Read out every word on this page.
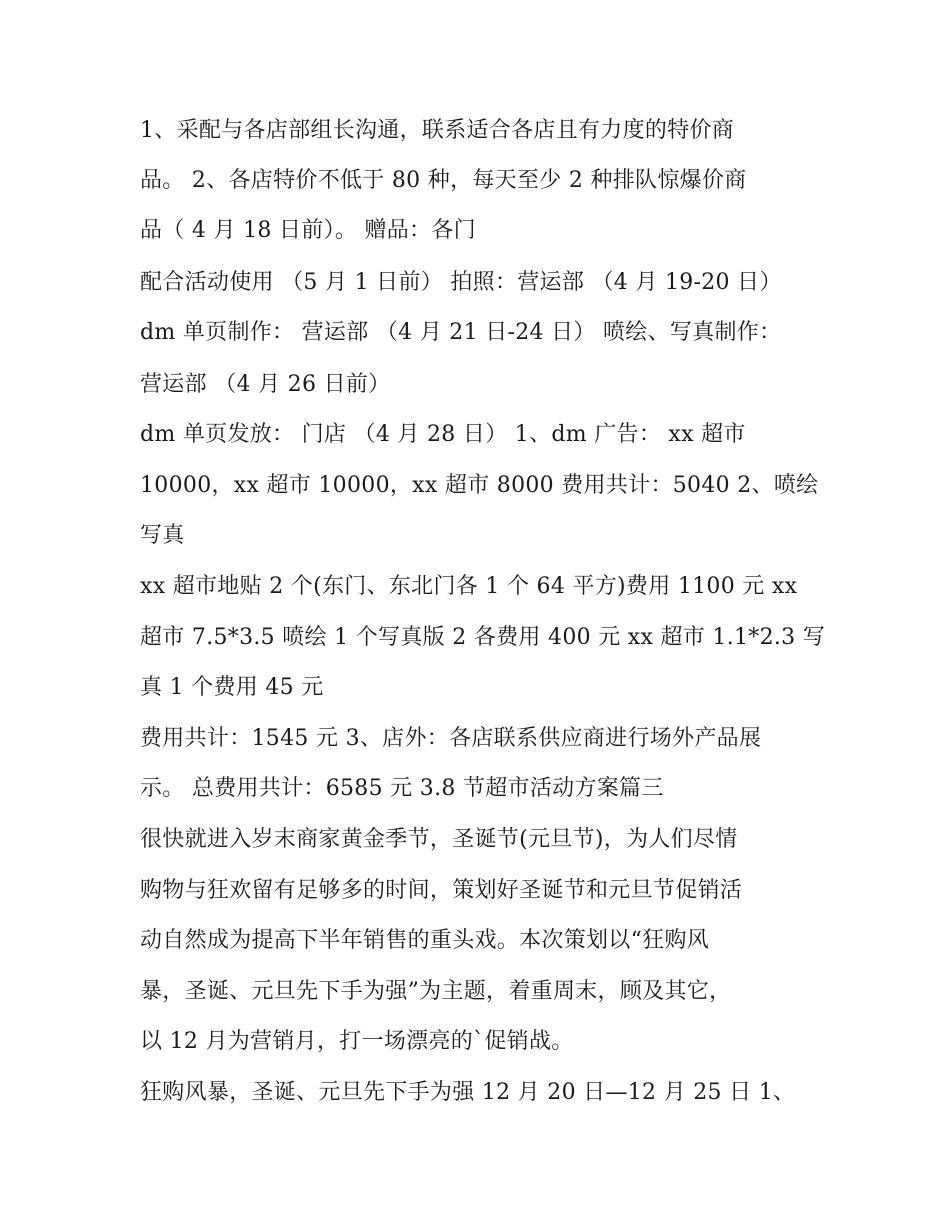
1、采配与各店部组长沟通，联系适合各店且有力度的特价商
品。 2、各店特价不低于 80 种，每天至少 2 种排队惊爆价商
品（ 4 月 18 日前）。 赠品：各门
配合活动使用 （5 月 1 日前） 拍照：营运部 （4 月 19-20 日）
dm 单页制作： 营运部 （4 月 21 日-24 日） 喷绘、写真制作：
营运部 （4 月 26 日前）
dm 单页发放： 门店 （4 月 28 日） 1、dm 广告： xx 超市
10000，xx 超市 10000，xx 超市 8000 费用共计：5040 2、喷绘
写真
xx 超市地贴 2 个(东门、东北门各 1 个 64 平方)费用 1100 元 xx
超市 7.5*3.5 喷绘 1 个写真版 2 各费用 400 元 xx 超市 1.1*2.3 写
真 1 个费用 45 元
费用共计：1545 元 3、店外：各店联系供应商进行场外产品展
示。 总费用共计：6585 元 3.8 节超市活动方案篇三
很快就进入岁末商家黄金季节，圣诞节(元旦节)，为人们尽情
购物与狂欢留有足够多的时间，策划好圣诞节和元旦节促销活
动自然成为提高下半年销售的重头戏。本次策划以“狂购风
暴，圣诞、元旦先下手为强”为主题，着重周末，顾及其它，
以 12 月为营销月，打一场漂亮的`促销战。
狂购风暴，圣诞、元旦先下手为强 12 月 20 日—12 月 25 日 1、
